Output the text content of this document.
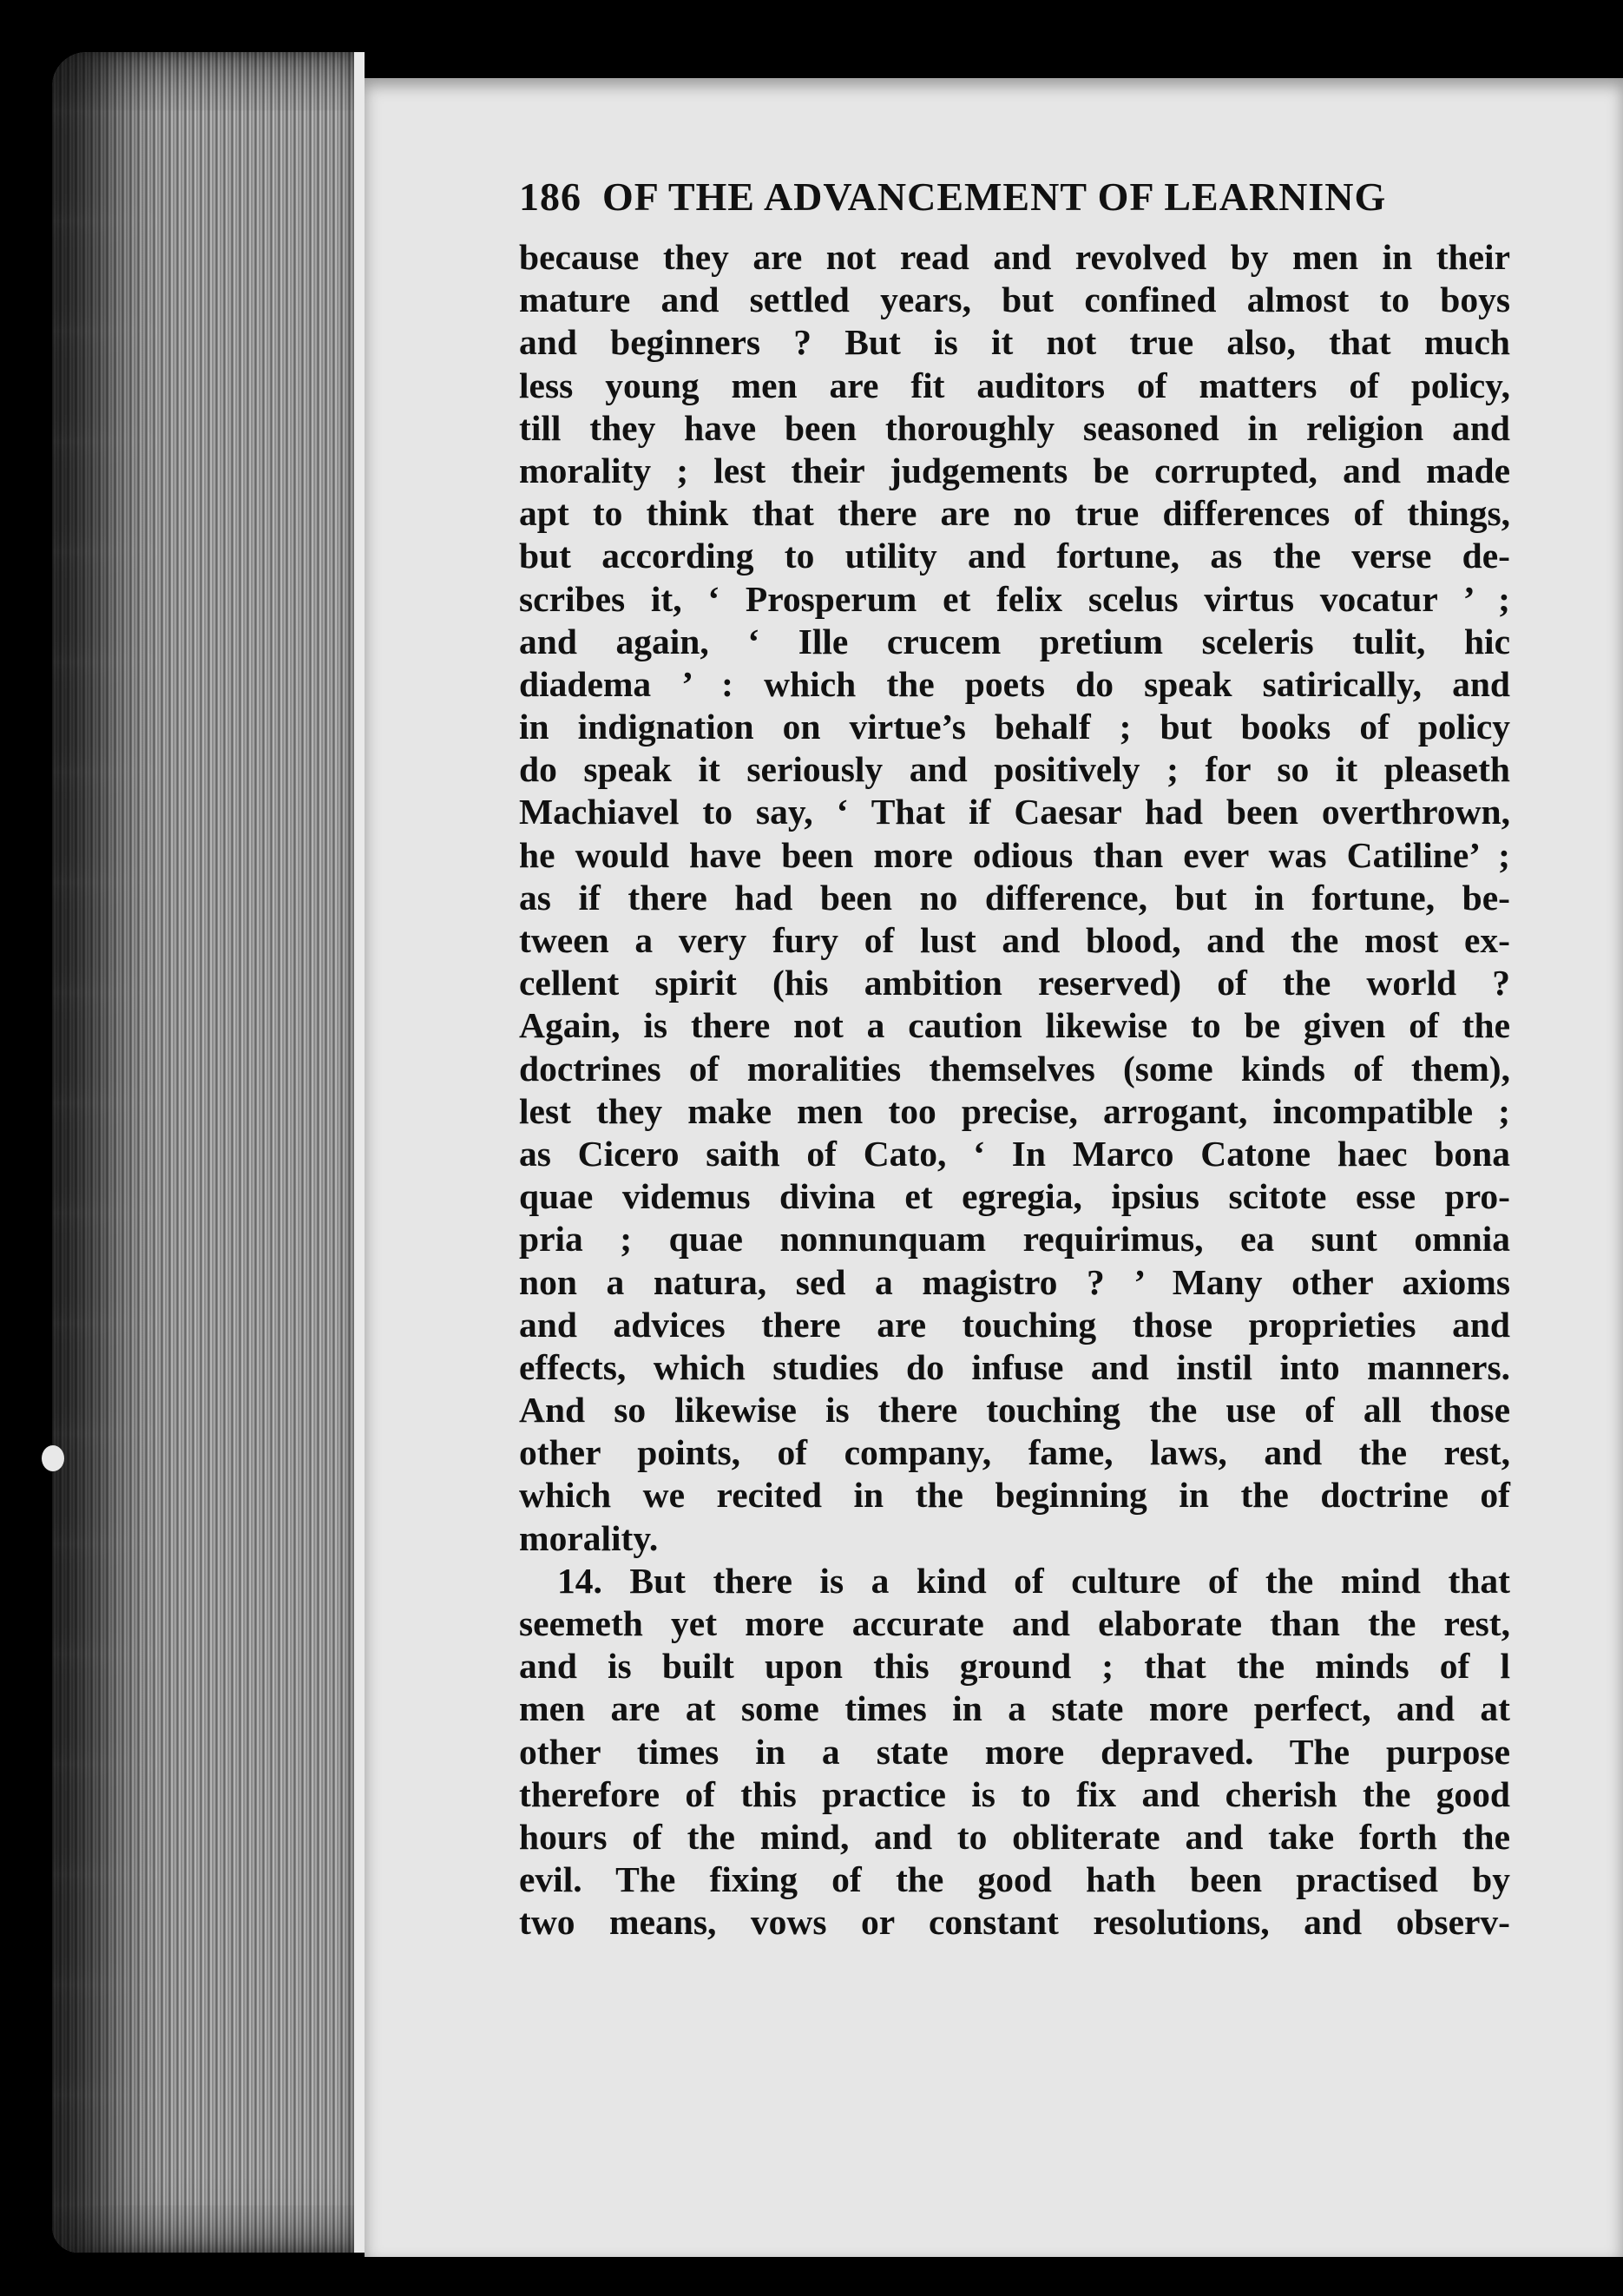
186 OF THE ADVANCEMENT OF LEARNING
because they are not read and revolved by men in their
mature and settled years, but confined almost to boys
and beginners ? But is it not true also, that much
less young men are fit auditors of matters of policy,
till they have been thoroughly seasoned in religion and
morality ; lest their judgements be corrupted, and made
apt to think that there are no true differences of things,
but according to utility and fortune, as the verse de-
scribes it, ‘ Prosperum et felix scelus virtus vocatur ’ ;
and again, ‘ Ille crucem pretium sceleris tulit, hic
diadema ’ : which the poets do speak satirically, and
in indignation on virtue’s behalf ; but books of policy
do speak it seriously and positively ; for so it pleaseth
Machiavel to say, ‘ That if Caesar had been overthrown,
he would have been more odious than ever was Catiline’ ;
as if there had been no difference, but in fortune, be-
tween a very fury of lust and blood, and the most ex-
cellent spirit (his ambition reserved) of the world ?
Again, is there not a caution likewise to be given of the
doctrines of moralities themselves (some kinds of them),
lest they make men too precise, arrogant, incompatible ;
as Cicero saith of Cato, ‘ In Marco Catone haec bona
quae videmus divina et egregia, ipsius scitote esse pro-
pria ; quae nonnunquam requirimus, ea sunt omnia
non a natura, sed a magistro ? ’ Many other axioms
and advices there are touching those proprieties and
effects, which studies do infuse and instil into manners.
And so likewise is there touching the use of all those
other points, of company, fame, laws, and the rest,
which we recited in the beginning in the doctrine of
morality.
14. But there is a kind of culture of the mind that
seemeth yet more accurate and elaborate than the rest,
and is built upon this ground ; that the minds of l
men are at some times in a state more perfect, and at
other times in a state more depraved. The purpose
therefore of this practice is to fix and cherish the good
hours of the mind, and to obliterate and take forth the
evil. The fixing of the good hath been practised by
two means, vows or constant resolutions, and observ-
